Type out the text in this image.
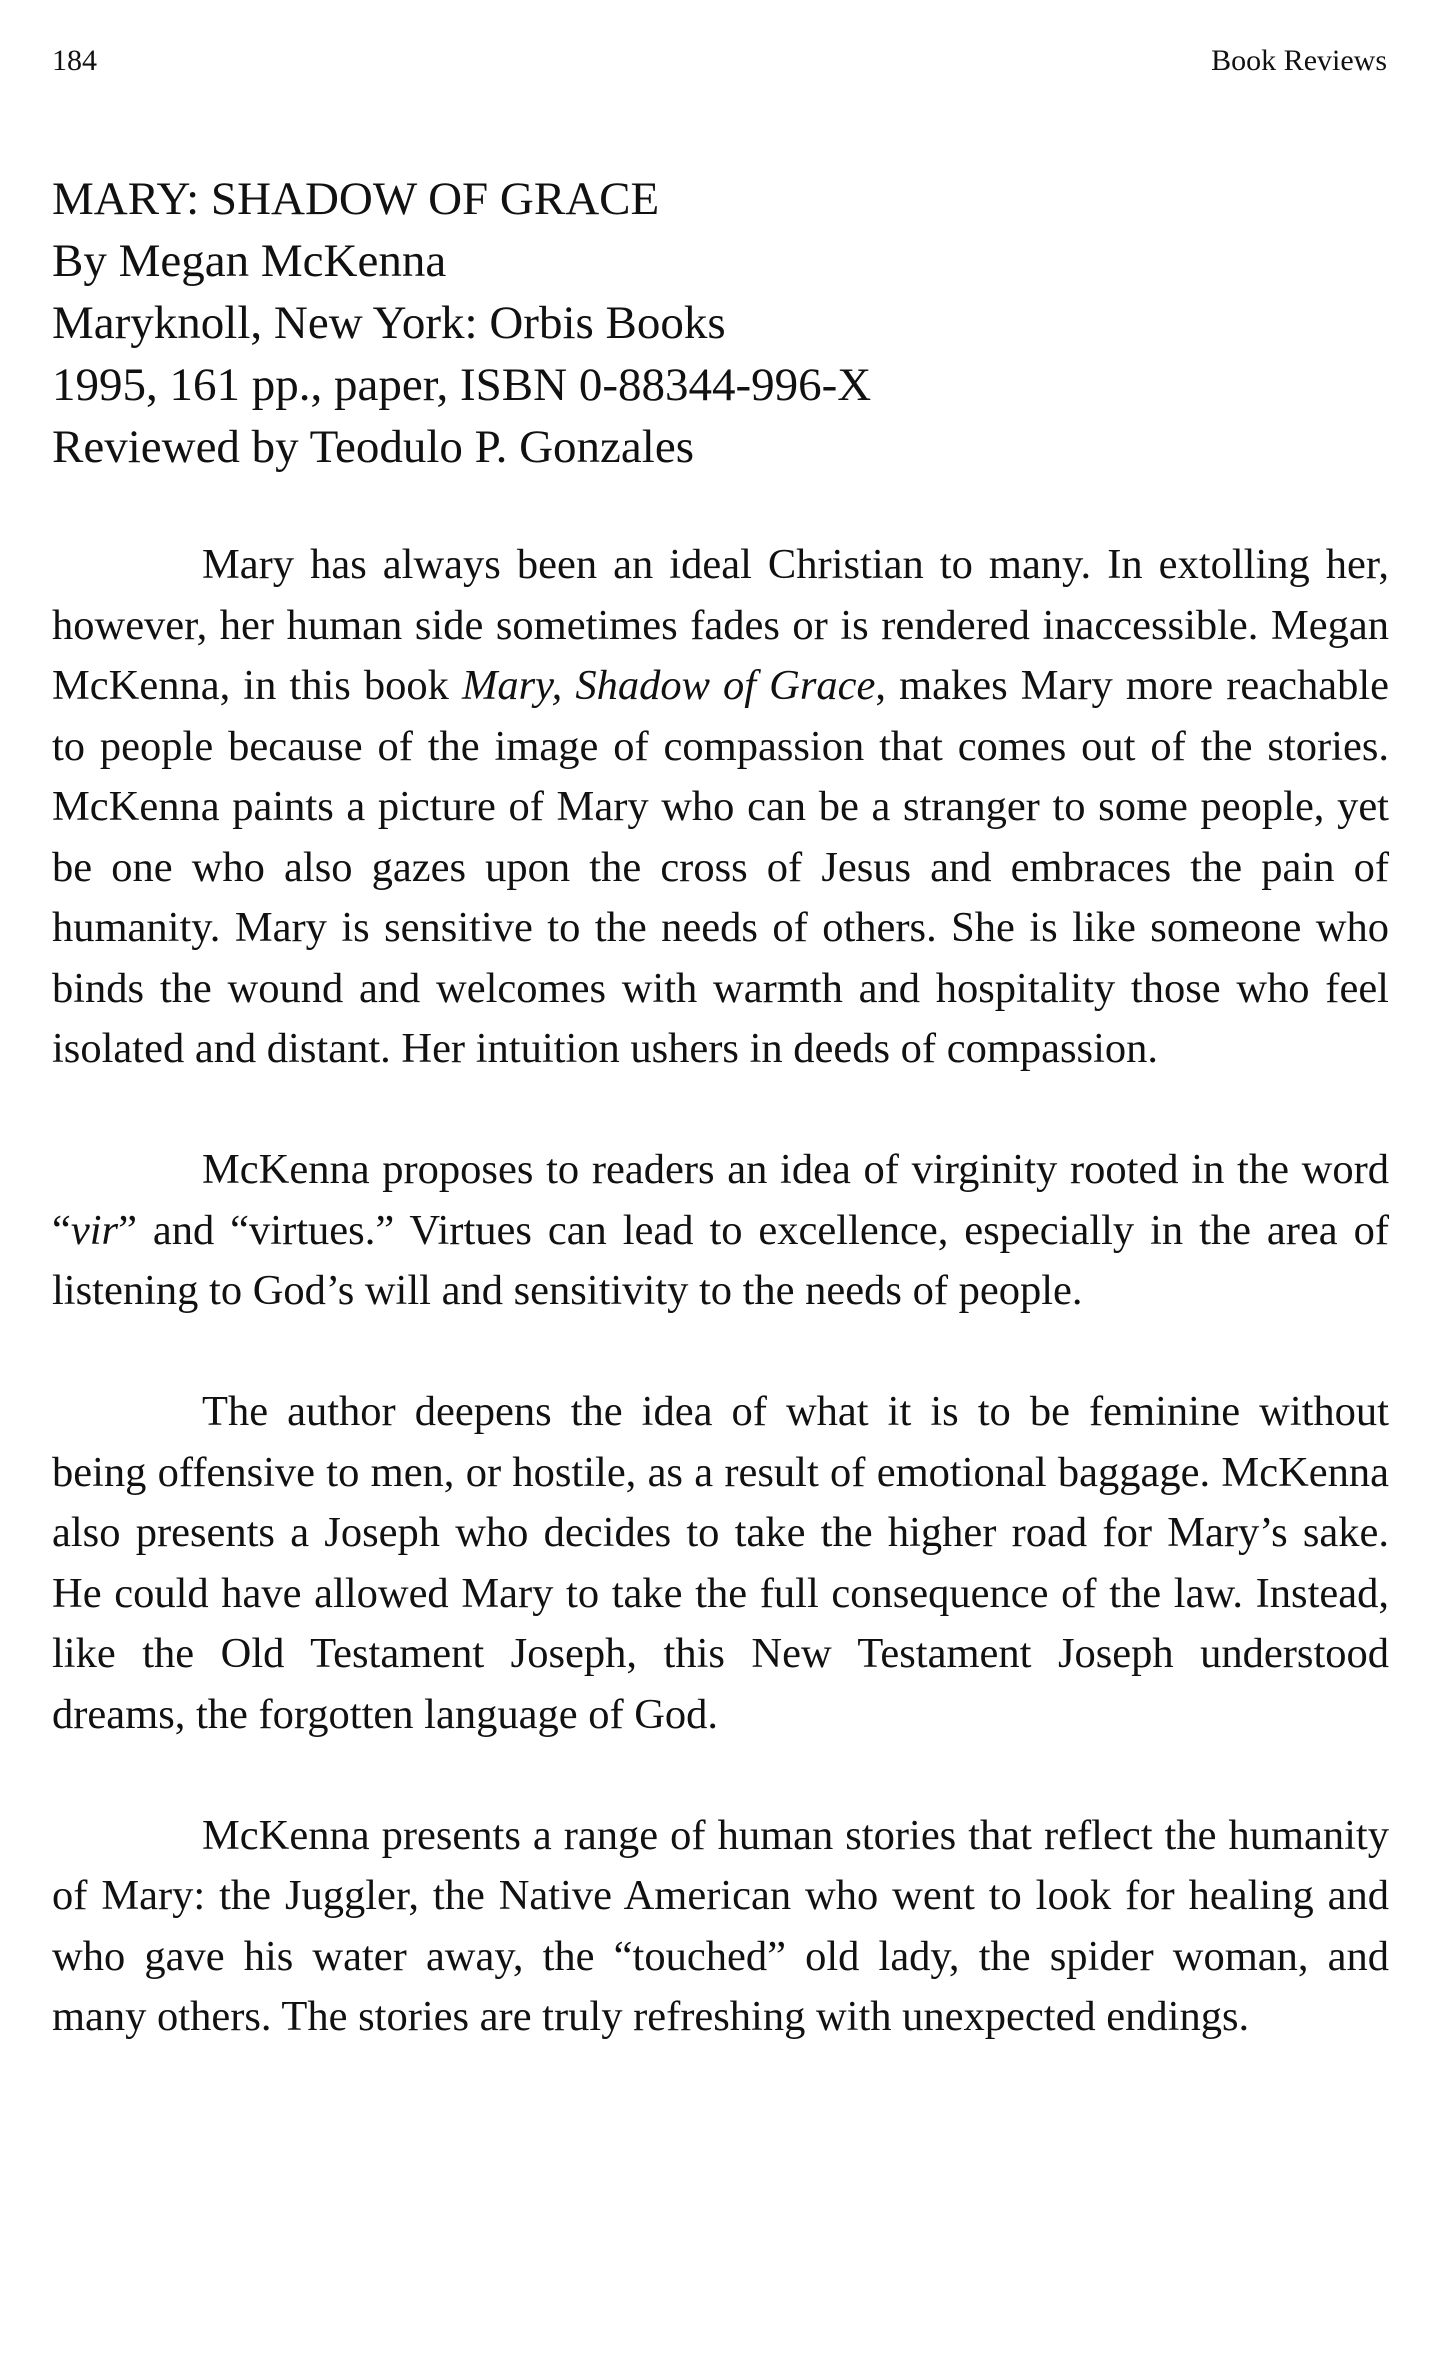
184	Book Reviews
MARY: SHADOW OF GRACE
By Megan McKenna
Maryknoll, New York: Orbis Books
1995, 161 pp., paper, ISBN 0-88344-996-X
Reviewed by Teodulo P. Gonzales

Mary has always been an ideal Christian to many. In extolling her, however, her human side sometimes fades or is rendered inaccessible. Megan McKenna, in this book Mary, Shadow of Grace, makes Mary more reachable to people because of the image of compassion that comes out of the stories. McKenna paints a picture of Mary who can be a stranger to some people, yet be one who also gazes upon the cross of Jesus and embraces the pain of humanity. Mary is sensitive to the needs of others. She is like someone who binds the wound and welcomes with warmth and hospitality those who feel isolated and distant. Her intuition ushers in deeds of compassion.

McKenna proposes to readers an idea of virginity rooted in the word “vir” and “virtues.” Virtues can lead to excellence, especially in the area of listening to God’s will and sensitivity to the needs of people.

The author deepens the idea of what it is to be feminine without being offensive to men, or hostile, as a result of emotional baggage. McKenna also presents a Joseph who decides to take the higher road for Mary’s sake. He could have allowed Mary to take the full consequence of the law. Instead, like the Old Testament Joseph, this New Testament Joseph understood dreams, the forgotten language of God.

McKenna presents a range of human stories that reflect the humanity of Mary: the Juggler, the Native American who went to look for healing and who gave his water away, the “touched” old lady, the spider woman, and many others. The stories are truly refreshing with unexpected endings.
